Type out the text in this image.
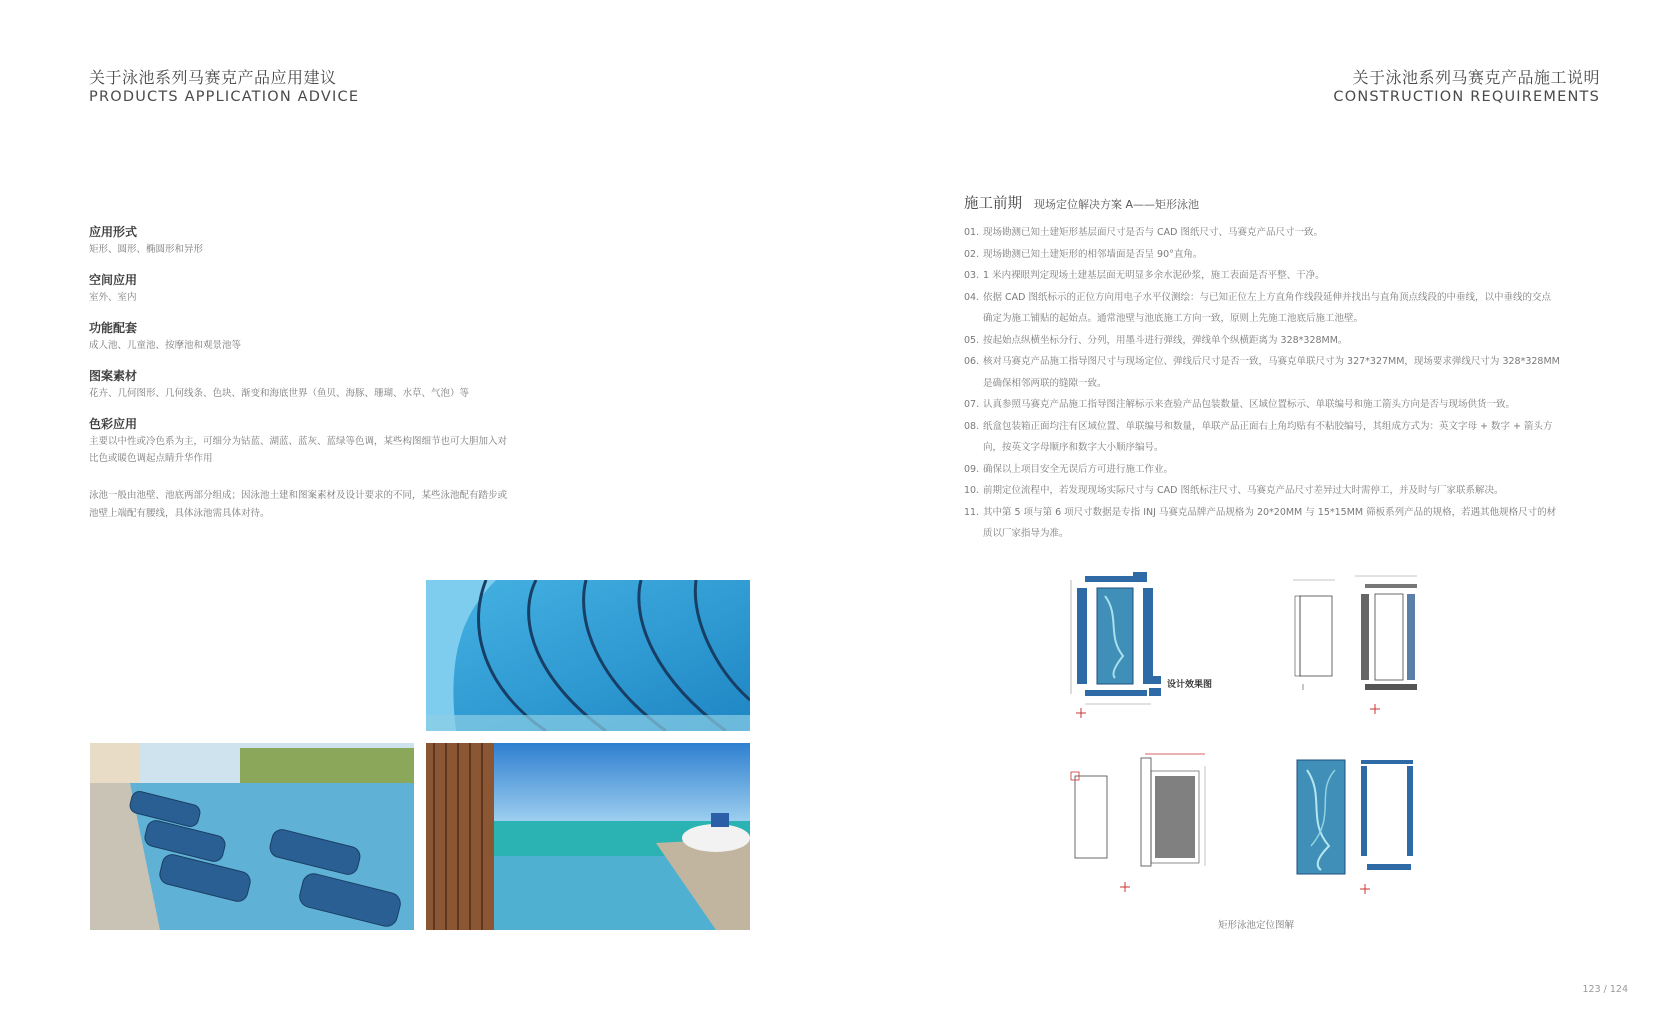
关于泳池系列马赛克产品应用建议
PRODUCTS APPLICATION ADVICE
关于泳池系列马赛克产品施工说明
CONSTRUCTION REQUIREMENTS
应用形式
矩形、圆形、椭圆形和异形
空间应用
室外、室内
功能配套
成人池、儿童池、按摩池和观景池等
图案素材
花卉、几何图形、几何线条、色块、渐变和海底世界（鱼贝、海豚、珊瑚、水草、气泡）等
色彩应用
主要以中性或冷色系为主，可细分为钴蓝、湖蓝、蓝灰、蓝绿等色调，某些构图细节也可大胆加入对比色或暖色调起点睛升华作用
泳池一般由池壁、池底两部分组成；因泳池土建和图案素材及设计要求的不同，某些泳池配有踏步或池壁上端配有腰线，具体泳池需具体对待。
施工前期 现场定位解决方案 A——矩形泳池
01. 现场勘测已知土建矩形基层面尺寸是否与 CAD 图纸尺寸、马赛克产品尺寸一致。
02. 现场勘测已知土建矩形的相邻墙面是否呈 90°直角。
03. 1 米内裸眼判定现场土建基层面无明显多余水泥砂浆，施工表面是否平整、干净。
04. 依据 CAD 图纸标示的正位方向用电子水平仪测绘：与已知正位左上方直角作线段延伸并找出与直角顶点线段的中垂线，以中垂线的交点确定为施工铺贴的起始点。通常池壁与池底施工方向一致，原则上先施工池底后施工池壁。
05. 按起始点纵横坐标分行、分列，用墨斗进行弹线，弹线单个纵横距离为 328*328MM。
06. 核对马赛克产品施工指导图尺寸与现场定位、弹线后尺寸是否一致，马赛克单联尺寸为 327*327MM，现场要求弹线尺寸为 328*328MM 是确保相邻两联的缝隙一致。
07. 认真参照马赛克产品施工指导图注解标示来查验产品包装数量、区域位置标示、单联编号和施工箭头方向是否与现场供货一致。
08. 纸盒包装箱正面均注有区域位置、单联编号和数量，单联产品正面右上角均贴有不粘胶编号，其组成方式为：英文字母 + 数字 + 箭头方向，按英文字母顺序和数字大小顺序编号。
09. 确保以上项目安全无误后方可进行施工作业。
10. 前期定位流程中，若发现现场实际尺寸与 CAD 图纸标注尺寸、马赛克产品尺寸差异过大时需停工，并及时与厂家联系解决。
11. 其中第 5 项与第 6 项尺寸数据是专指 INJ 马赛克品牌产品规格为 20*20MM 与 15*15MM 筛板系列产品的规格，若遇其他规格尺寸的材质以厂家指导为准。
设计效果图
矩形泳池定位图解
123 / 124
